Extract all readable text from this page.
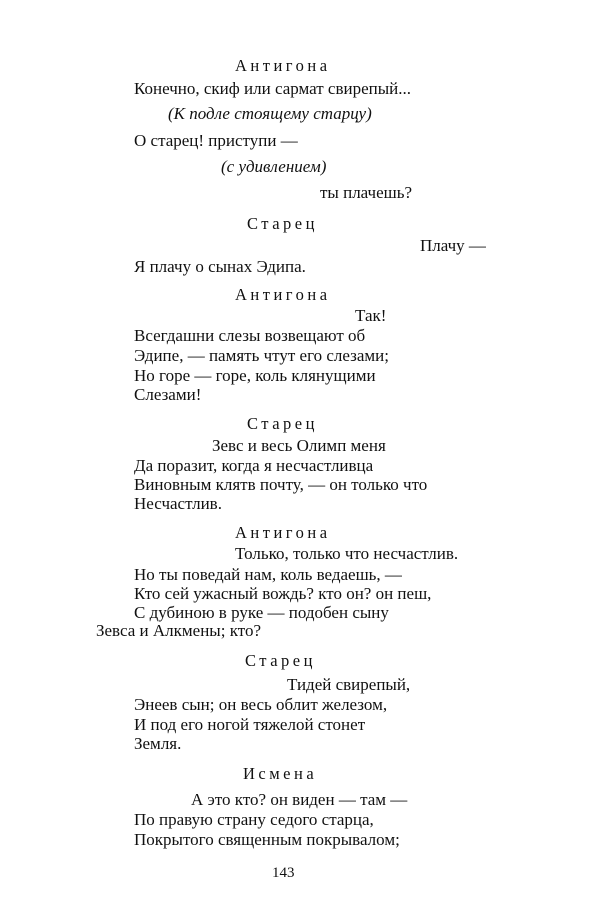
Антигона
Конечно, скиф или сармат свирепый...
(К подле стоящему старцу)
О старец! приступи —
(с удивлением)
ты плачешь?
Старец
Плачу —
Я плачу о сынах Эдипа.
Антигона
Так!
Всегдашни слезы возвещают об
Эдипе, — память чтут его слезами;
Но горе — горе, коль клянущими
Слезами!
Старец
Зевс и весь Олимп меня
Да поразит, когда я несчастливца
Виновным клятв почту, — он только что
Несчастлив.
Антигона
Только, только что несчастлив.
Но ты поведай нам, коль ведаешь, —
Кто сей ужасный вождь? кто он? он пеш,
С дубиною в руке — подобен сыну
Зевса и Алкмены; кто?
Старец
Тидей свирепый,
Энеев сын; он весь облит железом,
И под его ногой тяжелой стонет
Земля.
Исмена
А это кто? он виден — там —
По правую страну седого старца,
Покрытого священным покрывалом;
143
